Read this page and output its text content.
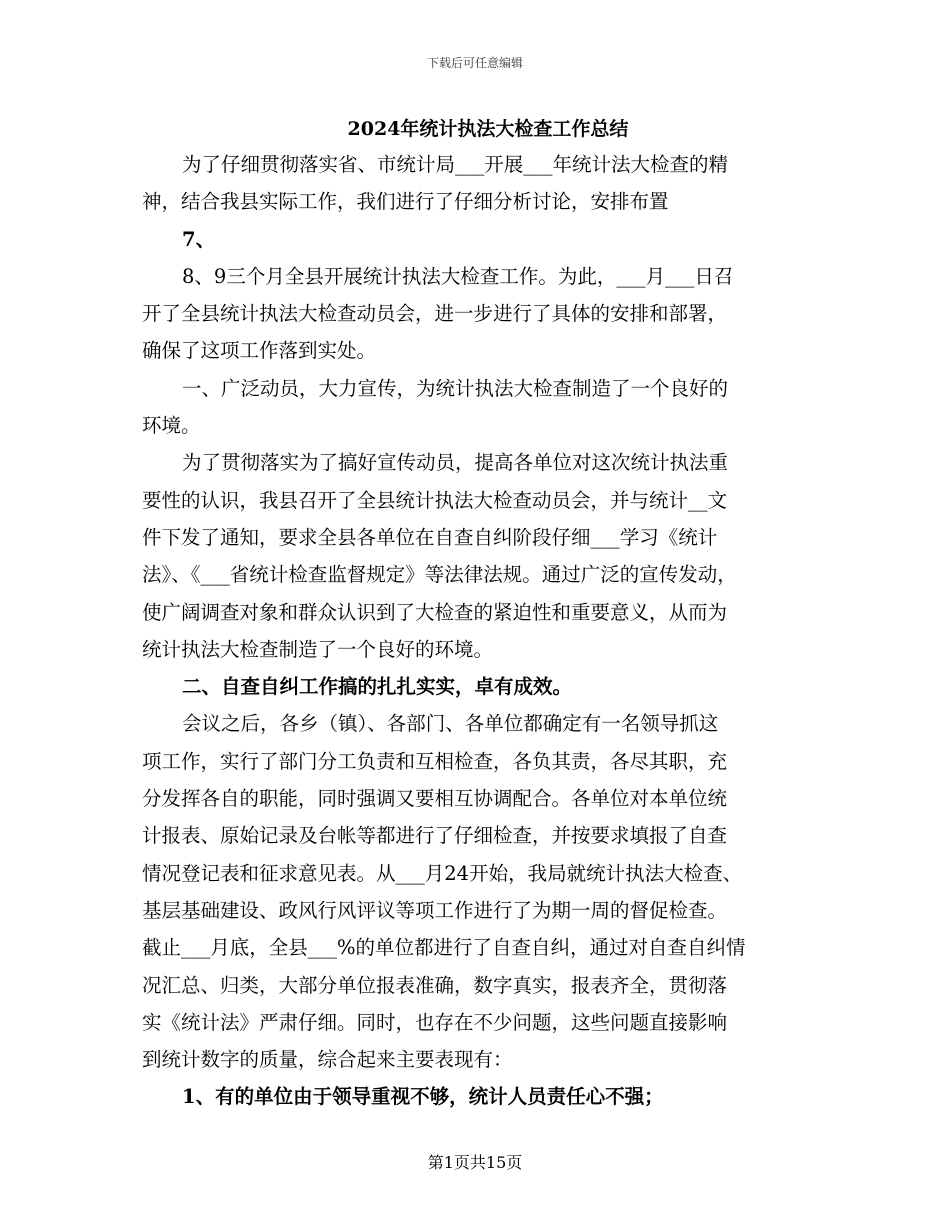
下载后可任意编辑
2024年统计执法大检查工作总结
为了仔细贯彻落实省、市统计局___开展___年统计法大检查的精
神，结合我县实际工作，我们进行了仔细分析讨论，安排布置
7、
8、9三个月全县开展统计执法大检查工作。为此，___月___日召
开了全县统计执法大检查动员会，进一步进行了具体的安排和部署，
确保了这项工作落到实处。
一、广泛动员，大力宣传，为统计执法大检查制造了一个良好的
环境。
为了贯彻落实为了搞好宣传动员，提高各单位对这次统计执法重
要性的认识，我县召开了全县统计执法大检查动员会，并与统计__文
件下发了通知，要求全县各单位在自查自纠阶段仔细___学习《统计
法》、《___省统计检查监督规定》等法律法规。通过广泛的宣传发动，
使广阔调查对象和群众认识到了大检查的紧迫性和重要意义，从而为
统计执法大检查制造了一个良好的环境。
二、自查自纠工作搞的扎扎实实，卓有成效。
会议之后，各乡（镇）、各部门、各单位都确定有一名领导抓这
项工作，实行了部门分工负责和互相检查，各负其责，各尽其职，充
分发挥各自的职能，同时强调又要相互协调配合。各单位对本单位统
计报表、原始记录及台帐等都进行了仔细检查，并按要求填报了自查
情况登记表和征求意见表。从___月24开始，我局就统计执法大检查、
基层基础建设、政风行风评议等项工作进行了为期一周的督促检查。
截止___月底，全县___%的单位都进行了自查自纠，通过对自查自纠情
况汇总、归类，大部分单位报表准确，数字真实，报表齐全，贯彻落
实《统计法》严肃仔细。同时，也存在不少问题，这些问题直接影响
到统计数字的质量，综合起来主要表现有：
1、有的单位由于领导重视不够，统计人员责任心不强；
第1页共15页
